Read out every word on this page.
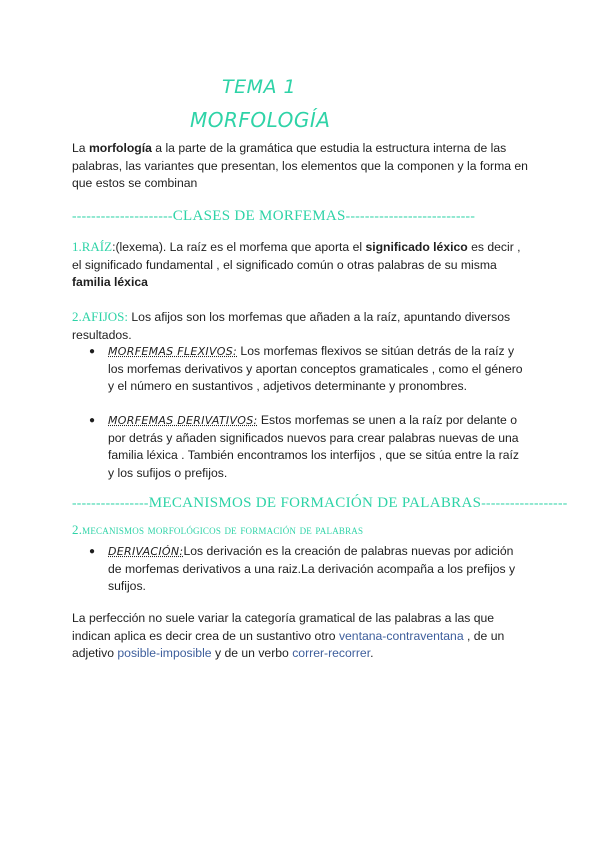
TEMA 1
MORFOLOGÍA
La morfología a la parte de la gramática que estudia la estructura interna de las palabras, las variantes que presentan, los elementos que la componen y la forma en que estos se combinan
---------------------CLASES DE MORFEMAS---------------------------
1.RAÍZ:(lexema). La raíz es el morfema que aporta el significado léxico es decir , el significado fundamental , el significado común o otras palabras de su misma familia léxica
2.AFIJOS: Los afijos son los morfemas que añaden a la raíz, apuntando diversos resultados.
● MORFEMAS FLEXIVOS: Los morfemas flexivos se sitúan detrás de la raíz y los morfemas derivativos y aportan conceptos gramaticales , como el género y el número en sustantivos , adjetivos determinante y pronombres.
● MORFEMAS DERIVATIVOS: Estos morfemas se unen a la raíz por delante o por detrás y añaden significados nuevos para crear palabras nuevas de una familia léxica . También encontramos los interfijos , que se sitúa entre la raíz y los sufijos o prefijos.
----------------MECANISMOS DE FORMACIÓN DE PALABRAS------------------
2.mecanismos morfológicos de formación de palabras
● DERIVACIÓN:Los derivación es la creación de palabras nuevas por adición de morfemas derivativos a una raiz.La derivación acompaña a los prefijos y sufijos.
La perfección no suele variar la categoría gramatical de las palabras a las que indican aplica es decir crea de un sustantivo otro ventana-contraventana , de un adjetivo posible-imposible y de un verbo correr-recorrer.
